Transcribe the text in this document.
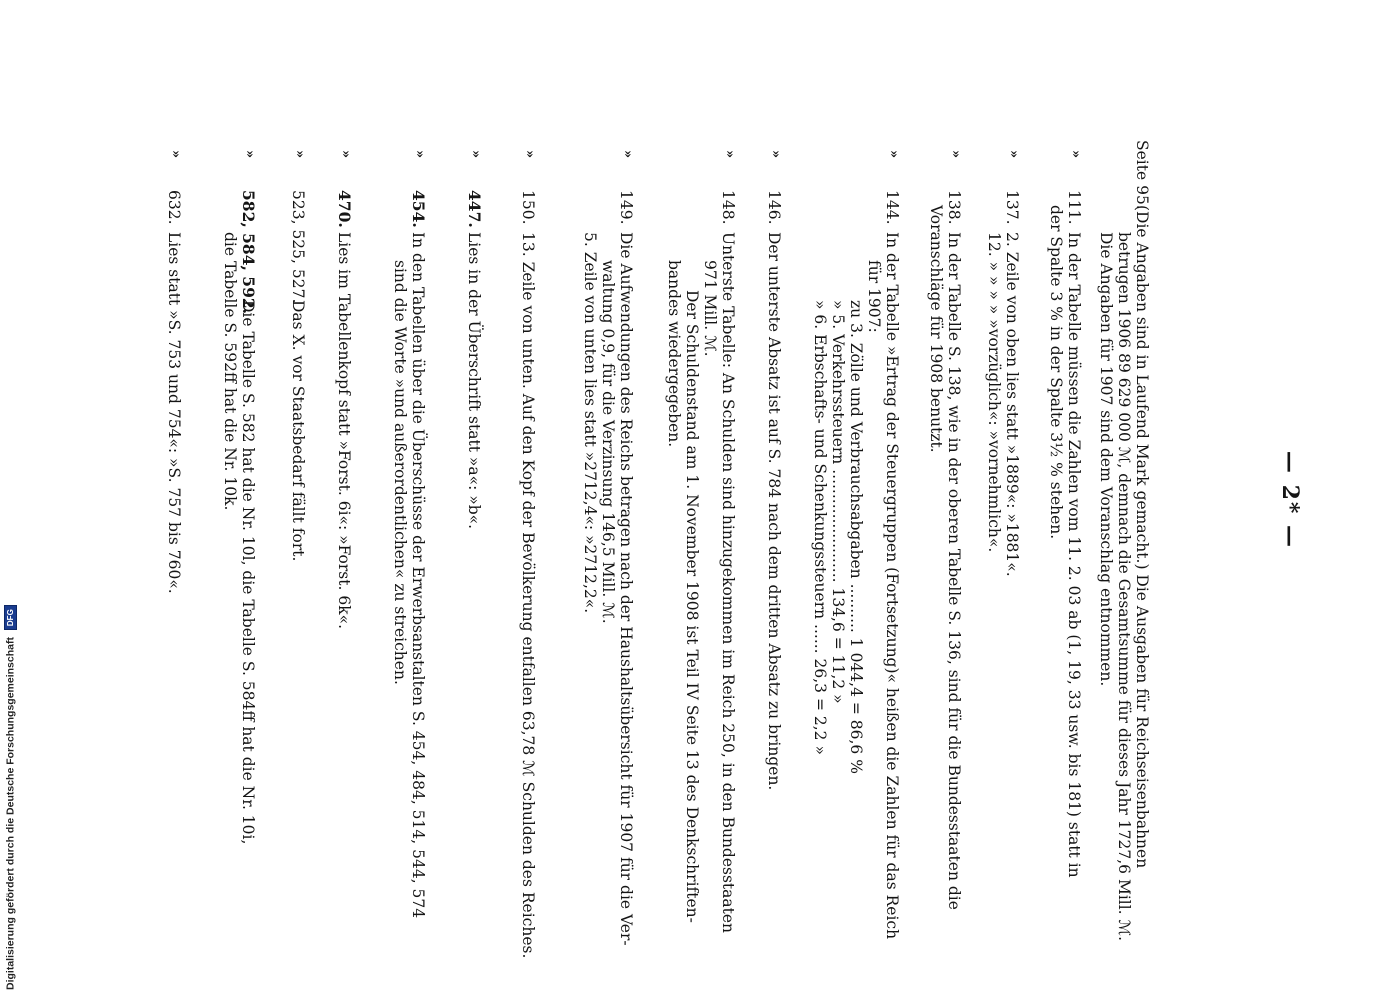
— 2* —
Seite 95.
(Die Angaben sind in Laufend Mark gemacht.) Die Ausgaben für Reichseisenbahnen
betrugen 1906 89 629 000 ℳ, demnach die Gesamtsumme für dieses Jahr 1727,6 Mill. ℳ.
Die Angaben für 1907 sind dem Voranschlag entnommen.
»
111.
In der Tabelle müssen die Zahlen vom 11. 2. 03 ab (1, 19, 33 usw. bis 181) statt in
der Spalte 3 % in der Spalte 3½ % stehen.
»
137.
2. Zeile von oben lies statt »1889«: »1881«.
12. » » » » »vorzüglich«: »vornehmlich«.
»
138.
In der Tabelle S. 138, wie in der oberen Tabelle S. 136, sind für die Bundesstaaten die
Voranschläge für 1908 benutzt.
»
144.
In der Tabelle »Ertrag der Steuergruppen (Fortsetzung)« heißen die Zahlen für das Reich
für 1907:
zu 3. Zölle und Verbrauchsabgaben .......... 1 044,4 = 86,6 %
» 5. Verkehrssteuern ....................... 134,6 = 11,2 »
» 6. Erbschafts- und Schenkungssteuern ...... 26,3 = 2,2 »
»
146.
Der unterste Absatz ist auf S. 784 nach dem dritten Absatz zu bringen.
»
148.
Unterste Tabelle: An Schulden sind hinzugekommen im Reich 250, in den Bundesstaaten
971 Mill. ℳ.
Der Schuldenstand am 1. November 1908 ist Teil IV Seite 13 des Denkschriften-
bandes wiedergegeben.
»
149.
Die Aufwendungen des Reichs betragen nach der Haushaltsübersicht für 1907 für die Ver-
waltung 0,9, für die Verzinsung 146,5 Mill. ℳ.
5. Zeile von unten lies statt »2712,4«: »2712,2«.
»
150.
13. Zeile von unten. Auf den Kopf der Bevölkerung entfallen 63,78 ℳ Schulden des Reiches.
»
447.
Lies in der Überschrift statt »a«: »b«.
»
454.
In den Tabellen über die Überschüsse der Erwerbsanstalten S. 454, 484, 514, 544, 574
sind die Worte »und außerordentlichen« zu streichen.
»
470.
Lies im Tabellenkopf statt »Forst. 6i«: »Forst. 6k«.
»
523, 525, 527.
Das X. vor Staatsbedarf fällt fort.
»
582, 584, 592.
Die Tabelle S. 582 hat die Nr. 10l, die Tabelle S. 584ff hat die Nr. 10i,
die Tabelle S. 592ff hat die Nr. 10k.
»
632.
Lies statt »S. 753 und 754«: »S. 757 bis 760«.
Digitalisierung gefördert durch die Deutsche Forschungsgemeinschaft DFG
